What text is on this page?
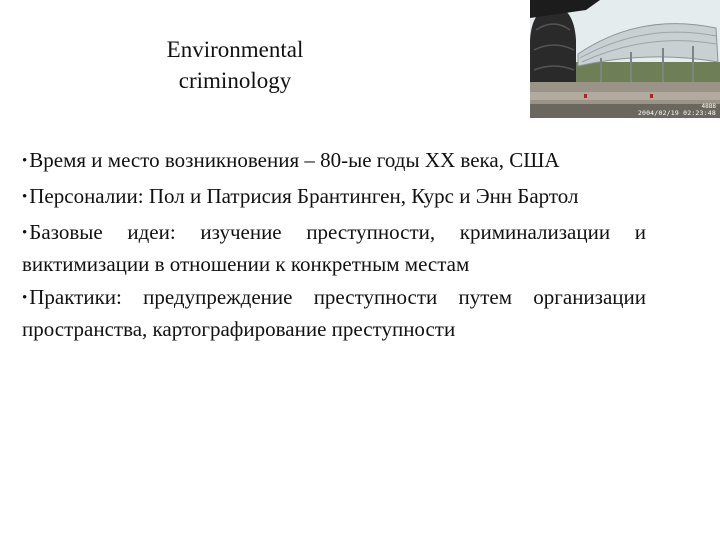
Environmental
criminology
4888
2004/02/19 02:23:48
•Время и место возникновения – 80-ые годы XX века, США
•Персоналии: Пол и Патрисия Брантинген, Курс и Энн Бартол
•Базовые идеи: изучение преступности, криминализации и виктимизации в отношении к конкретным местам
•Практики: предупреждение преступности путем организации пространства, картографирование преступности
